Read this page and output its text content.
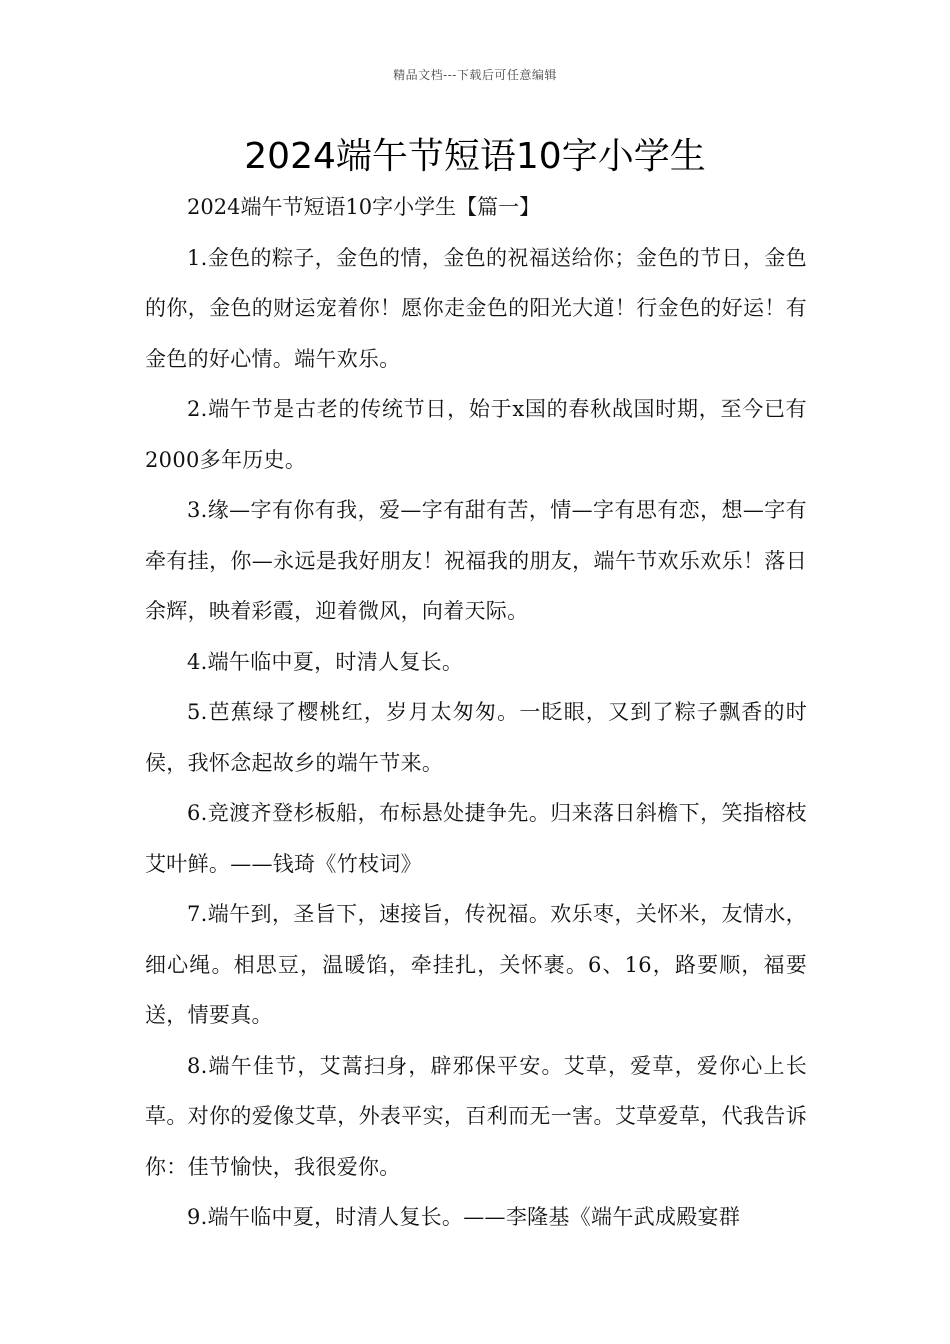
精品文档---下载后可任意编辑
2024端午节短语10字小学生

2024端午节短语10字小学生【篇一】

1.金色的粽子，金色的情，金色的祝福送给你；金色的节日，金色的你，金色的财运宠着你！愿你走金色的阳光大道！行金色的好运！有金色的好心情。端午欢乐。

2.端午节是古老的传统节日，始于x国的春秋战国时期，至今已有2000多年历史。

3.缘—字有你有我，爱—字有甜有苦，情—字有思有恋，想—字有牵有挂，你—永远是我好朋友！祝福我的朋友，端午节欢乐欢乐！落日余辉，映着彩霞，迎着微风，向着天际。

4.端午临中夏，时清人复长。

5.芭蕉绿了樱桃红，岁月太匆匆。一眨眼，又到了粽子飘香的时侯，我怀念起故乡的端午节来。

6.竞渡齐登杉板船，布标悬处捷争先。归来落日斜檐下，笑指榕枝艾叶鲜。——钱琦《竹枝词》

7.端午到，圣旨下，速接旨，传祝福。欢乐枣，关怀米，友情水，细心绳。相思豆，温暖馅，牵挂扎，关怀裹。6、16，路要顺，福要送，情要真。

8.端午佳节，艾蒿扫身，辟邪保平安。艾草，爱草，爱你心上长草。对你的爱像艾草，外表平实，百利而无一害。艾草爱草，代我告诉你：佳节愉快，我很爱你。

9.端午临中夏，时清人复长。——李隆基《端午武成殿宴群
